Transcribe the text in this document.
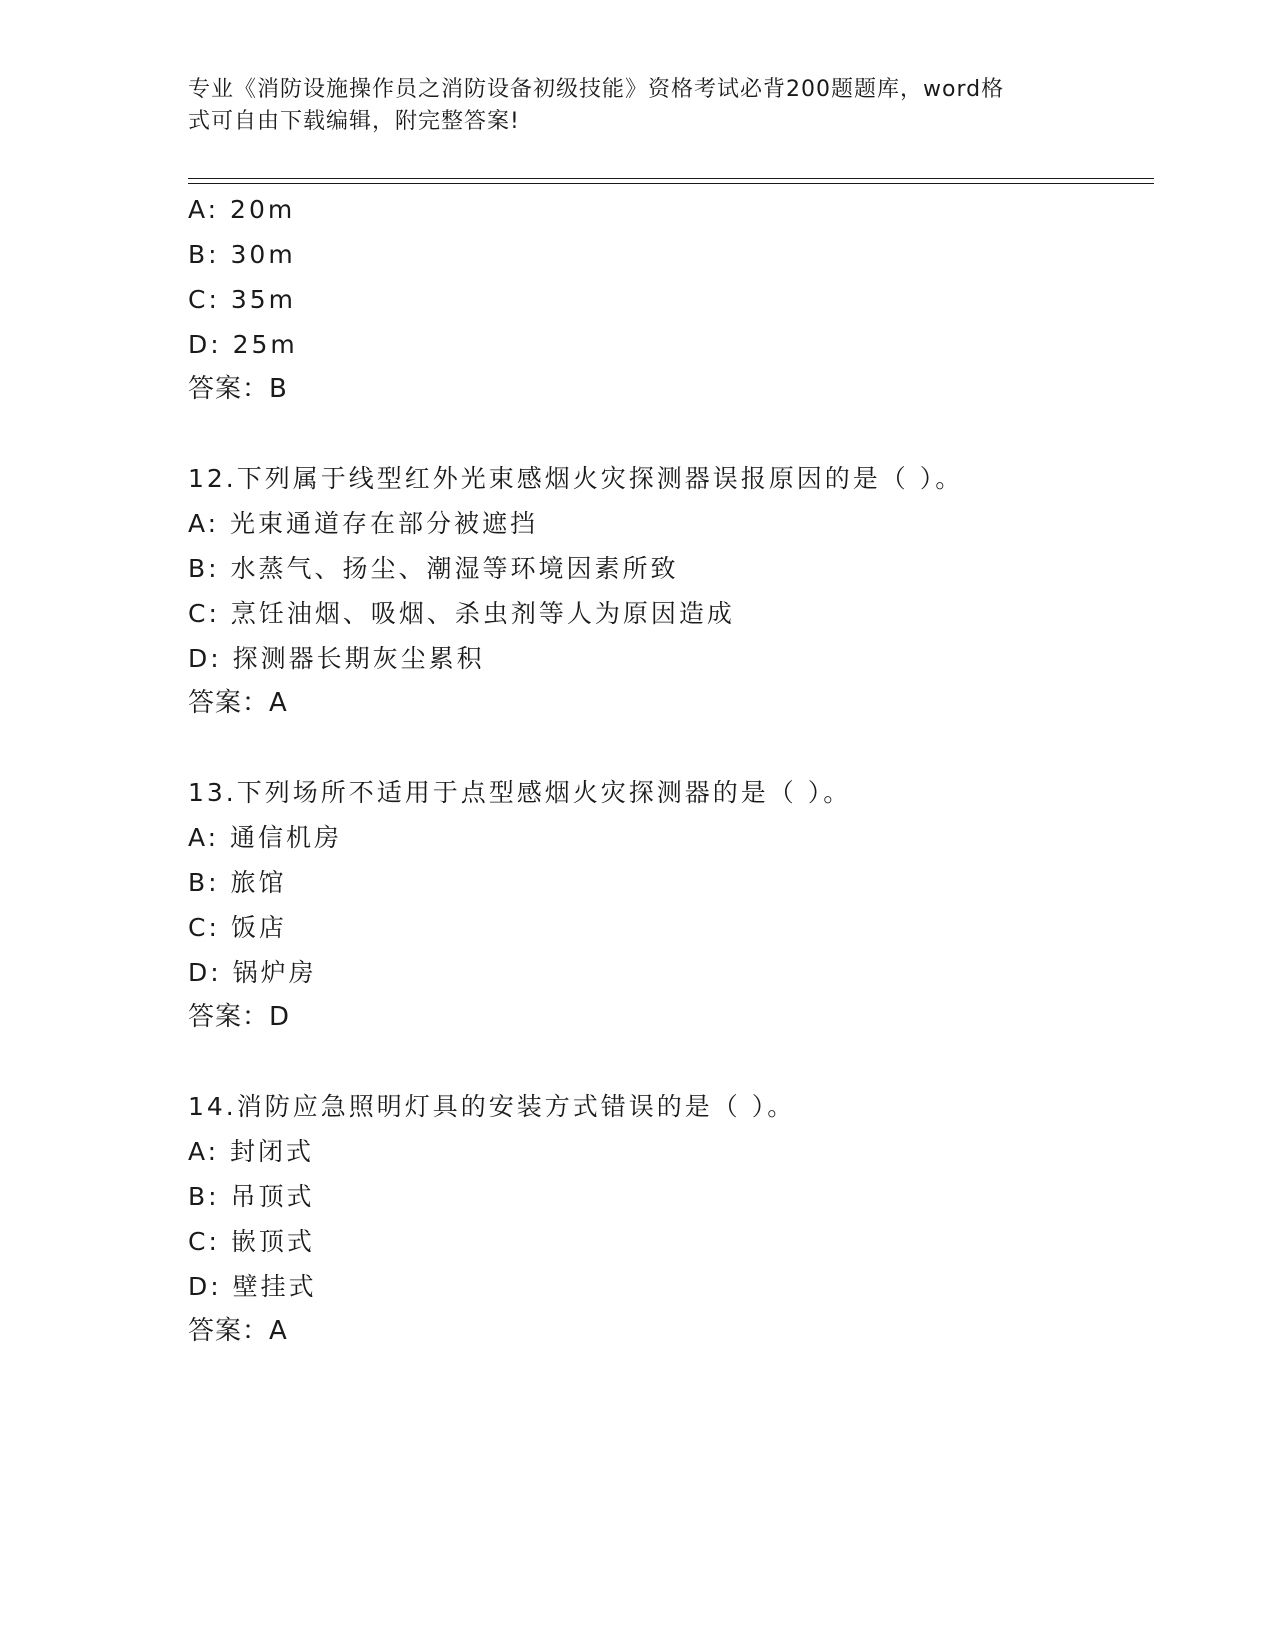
专业《消防设施操作员之消防设备初级技能》资格考试必背200题题库，word格
式可自由下载编辑，附完整答案!
A: 20m
B: 30m
C: 35m
D: 25m
答案：B
12.下列属于线型红外光束感烟火灾探测器误报原因的是（ ）。
A: 光束通道存在部分被遮挡
B: 水蒸气、扬尘、潮湿等环境因素所致
C: 烹饪油烟、吸烟、杀虫剂等人为原因造成
D: 探测器长期灰尘累积
答案：A
13.下列场所不适用于点型感烟火灾探测器的是（ ）。
A: 通信机房
B: 旅馆
C: 饭店
D: 锅炉房
答案：D
14.消防应急照明灯具的安装方式错误的是（ ）。
A: 封闭式
B: 吊顶式
C: 嵌顶式
D: 壁挂式
答案：A
